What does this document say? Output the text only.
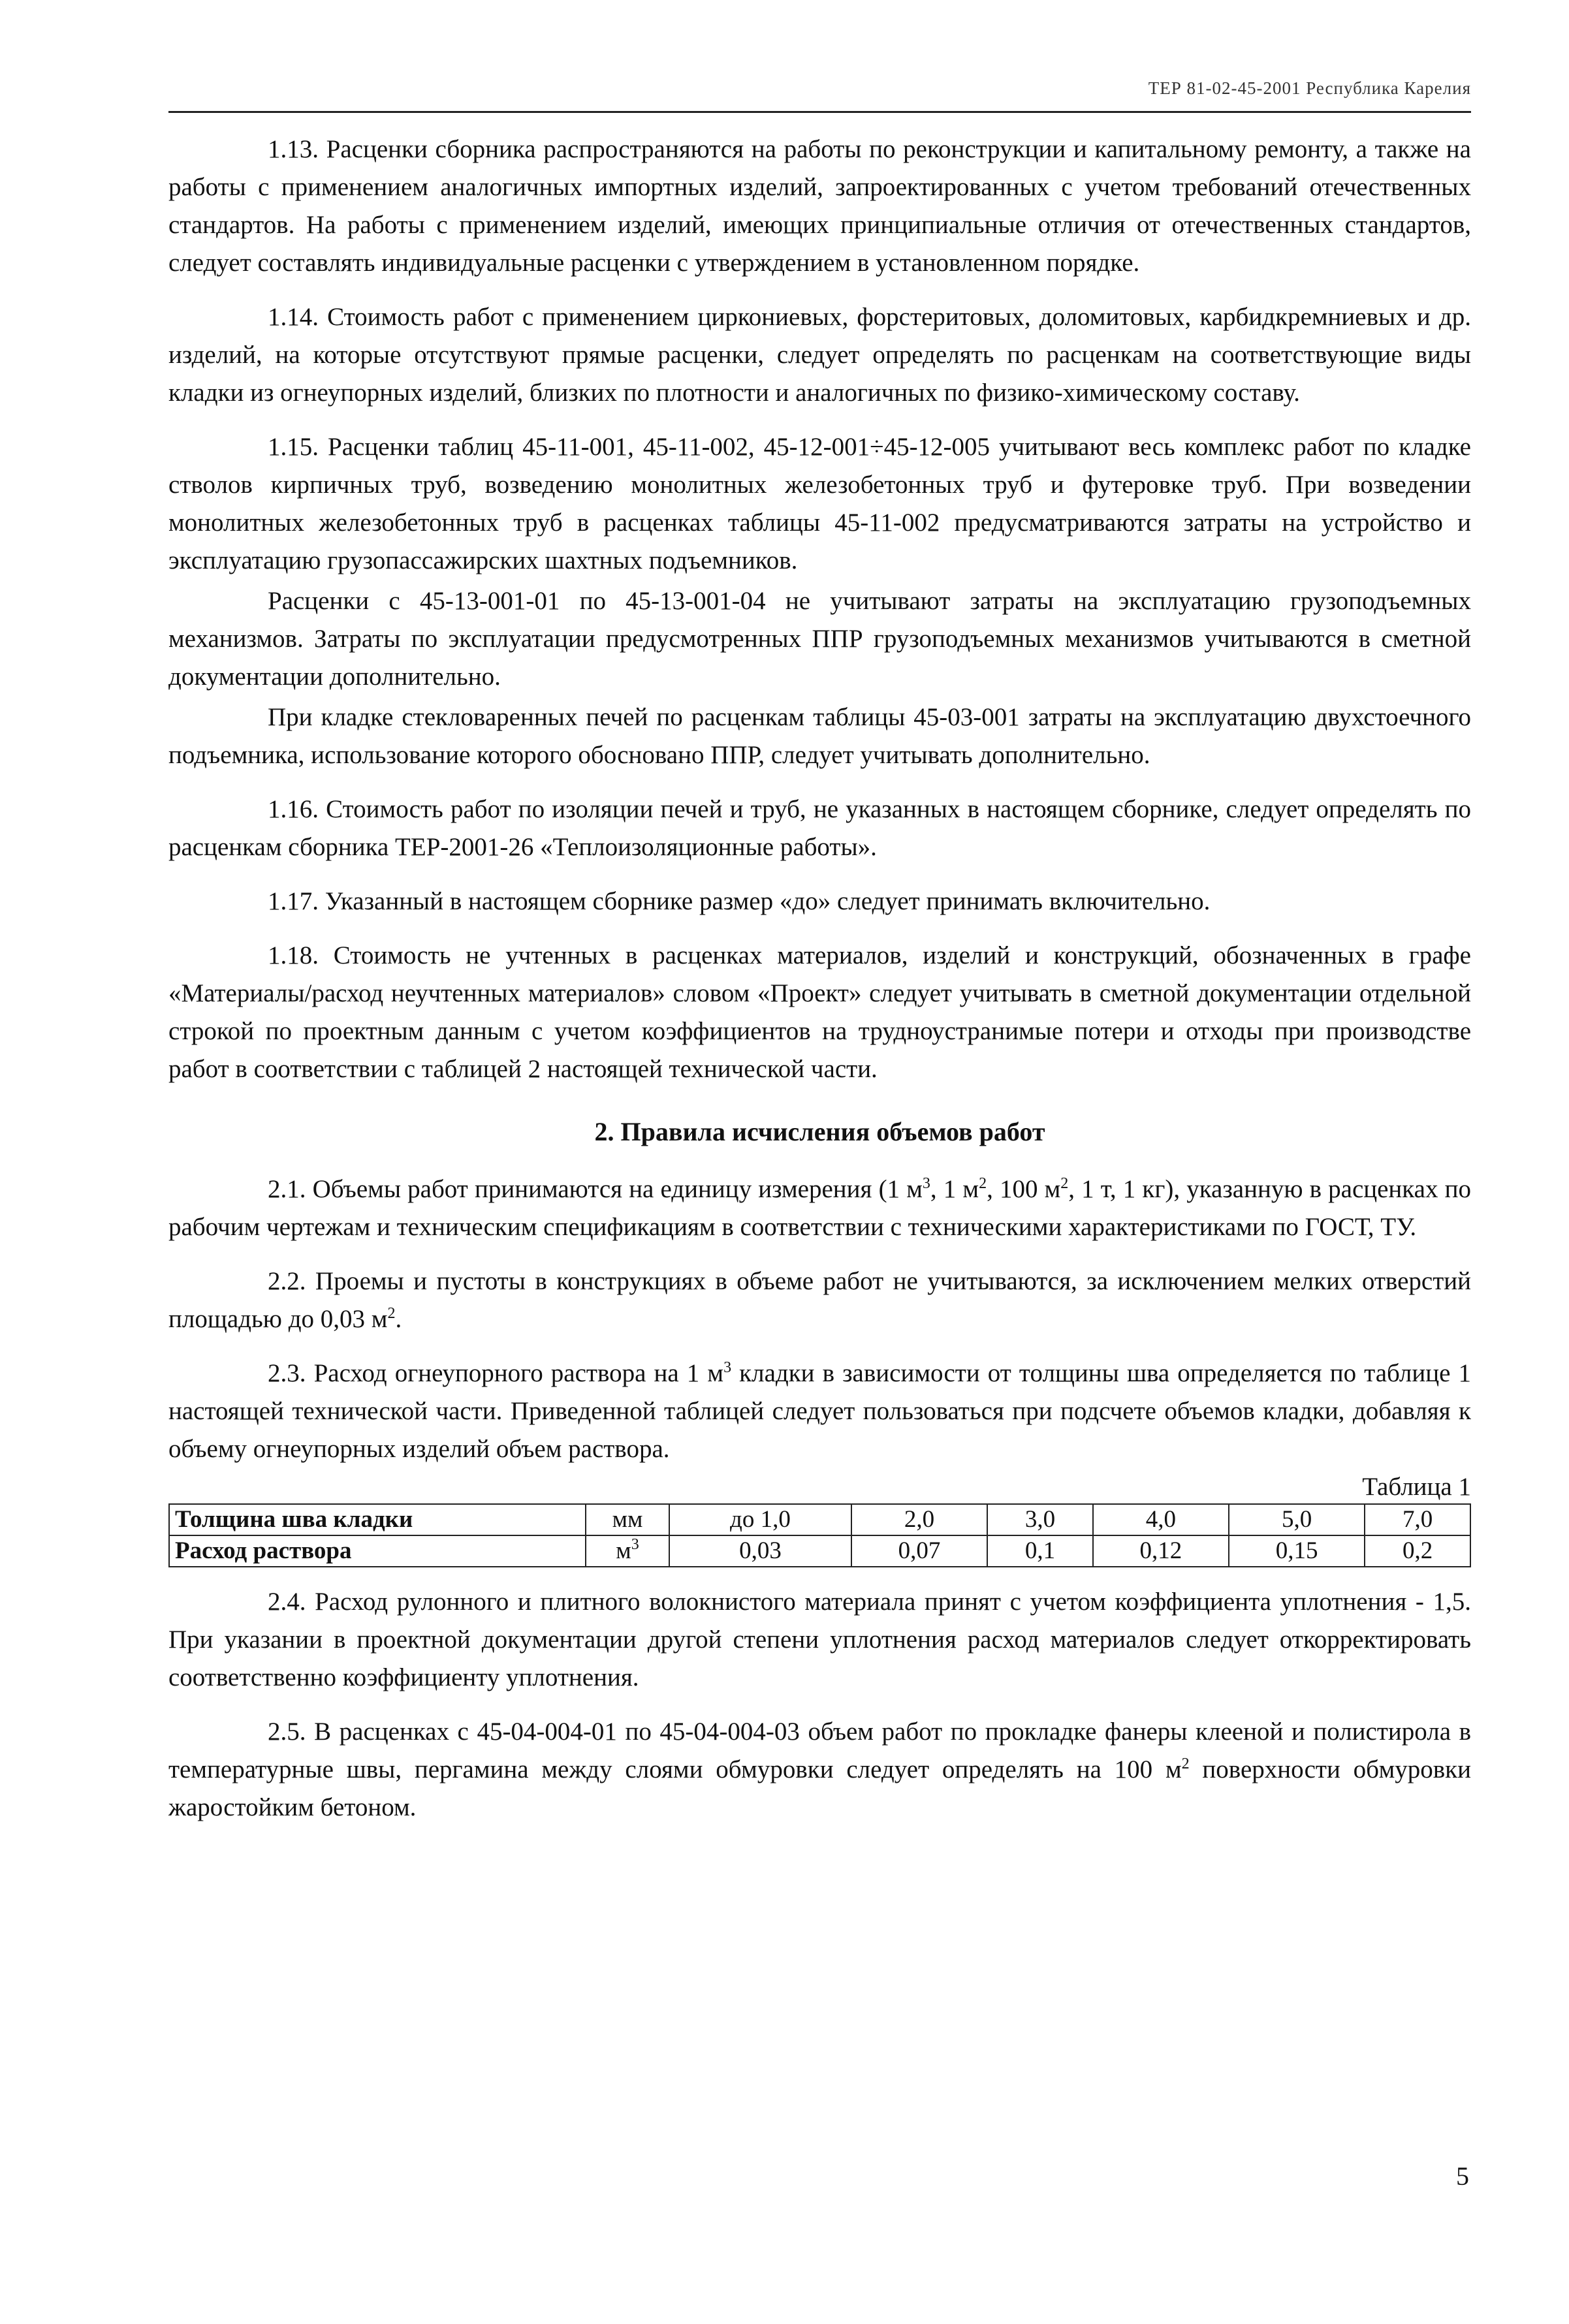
ТЕР 81-02-45-2001 Республика Карелия

1.13. Расценки сборника распространяются на работы по реконструкции и капитальному ремонту, а также на работы с применением аналогичных импортных изделий, запроектированных с учетом требований отечественных стандартов. На работы с применением изделий, имеющих принципиальные отличия от отечественных стандартов, следует составлять индивидуальные расценки с утверждением в установленном порядке.

1.14. Стоимость работ с применением циркониевых, форстеритовых, доломитовых, карбидкремниевых и др. изделий, на которые отсутствуют прямые расценки, следует определять по расценкам на соответствующие виды кладки из огнеупорных изделий, близких по плотности и аналогичных по физико-химическому составу.

1.15. Расценки таблиц 45-11-001, 45-11-002, 45-12-001÷45-12-005 учитывают весь комплекс работ по кладке стволов кирпичных труб, возведению монолитных железобетонных труб и футеровке труб. При возведении монолитных железобетонных труб в расценках таблицы 45-11-002 предусматриваются затраты на устройство и эксплуатацию грузопассажирских шахтных подъемников.

Расценки с 45-13-001-01 по 45-13-001-04 не учитывают затраты на эксплуатацию грузоподъемных механизмов. Затраты по эксплуатации предусмотренных ППР грузоподъемных механизмов учитываются в сметной документации дополнительно.

При кладке стекловаренных печей по расценкам таблицы 45-03-001 затраты на эксплуатацию двухстоечного подъемника, использование которого обосновано ППР, следует учитывать дополнительно.

1.16. Стоимость работ по изоляции печей и труб, не указанных в настоящем сборнике, следует определять по расценкам сборника ТЕР-2001-26 «Теплоизоляционные работы».

1.17. Указанный в настоящем сборнике размер «до» следует принимать включительно.

1.18. Стоимость не учтенных в расценках материалов, изделий и конструкций, обозначенных в графе «Материалы/расход неучтенных материалов» словом «Проект» следует учитывать в сметной документации отдельной строкой по проектным данным с учетом коэффициентов на трудноустранимые потери и отходы при производстве работ в соответствии с таблицей 2 настоящей технической части.

2. Правила исчисления объемов работ

2.1. Объемы работ принимаются на единицу измерения (1 $м^3$, 1 $м^2$, 100 $м^2$, 1 т, 1 кг), указанную в расценках по рабочим чертежам и техническим спецификациям в соответствии с техническими характеристиками по ГОСТ, ТУ.

2.2. Проемы и пустоты в конструкциях в объеме работ не учитываются, за исключением мелких отверстий площадью до 0,03 $м^2$.

2.3. Расход огнеупорного раствора на 1 $м^3$ кладки в зависимости от толщины шва определяется по таблице 1 настоящей технической части. Приведенной таблицей следует пользоваться при подсчете объемов кладки, добавляя к объему огнеупорных изделий объем раствора.

Таблица 1
Толщина шва кладки	мм	до 1,0	2,0	3,0	4,0	5,0	7,0
Расход раствора	$м^3$	0,03	0,07	0,1	0,12	0,15	0,2

2.4. Расход рулонного и плитного волокнистого материала принят с учетом коэффициента уплотнения - 1,5. При указании в проектной документации другой степени уплотнения расход материалов следует откорректировать соответственно коэффициенту уплотнения.

2.5. В расценках с 45-04-004-01 по 45-04-004-03 объем работ по прокладке фанеры клееной и полистирола в температурные швы, пергамина между слоями обмуровки следует определять на 100 $м^2$ поверхности обмуровки жаростойким бетоном.

5
